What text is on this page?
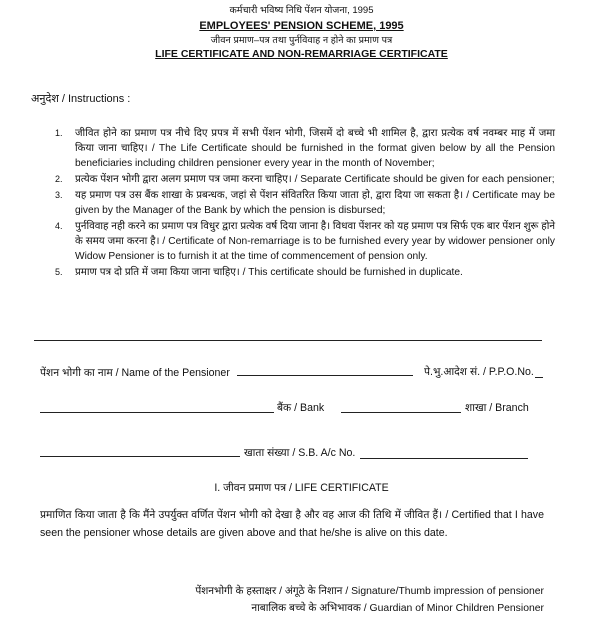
कर्मचारी भविष्य निधि पेंशन योजना, 1995
EMPLOYEES' PENSION SCHEME, 1995
जीवन प्रमाण–पत्र तथा पुर्नविवाह न होने का प्रमाण पत्र
LIFE CERTIFICATE AND NON-REMARRIAGE CERTIFICATE
अनुदेश / Instructions :
1. जीवित होने का प्रमाण पत्र नीचे दिए प्रपत्र में सभी पेंशन भोगी, जिसमें दो बच्चे भी शामिल है, द्वारा प्रत्येक वर्ष नवम्बर माह में जमा किया जाना चाहिए। / The Life Certificate should be furnished in the format given below by all the Pension beneficiaries including children pensioner every year in the month of November;
2. प्रत्येक पेंशन भोगी द्वारा अलग प्रमाण पत्र जमा करना चाहिए। / Separate Certificate should be given for each pensioner;
3. यह प्रमाण पत्र उस बैंक शाखा के प्रबन्धक, जहां से पेंशन संवितरित किया जाता हो, द्वारा दिया जा सकता है। / Certificate may be given by the Manager of the Bank by which the pension is disbursed;
4. पुर्नविवाह नही करने का प्रमाण पत्र विधुर द्वारा प्रत्येक वर्ष दिया जाना है। विधवा पेंशनर को यह प्रमाण पत्र सिर्फ एक बार पेंशन शुरू होने के समय जमा करना है। / Certificate of Non-remarriage is to be furnished every year by widower pensioner only Widow Pensioner is to furnish it at the time of commencement of pension only.
5. प्रमाण पत्र दो प्रति में जमा किया जाना चाहिए। / This certificate should be furnished in duplicate.
पेंशन भोगी का नाम / Name of the Pensioner	पे.भु.आदेश सं. / P.P.O.No.
बैंक / Bank	शाखा / Branch
खाता संख्या / S.B. A/c No.
I. जीवन प्रमाण पत्र / LIFE CERTIFICATE
प्रमाणित किया जाता है कि मैंने उपर्युक्त वर्णित पेंशन भोगी को देखा है और वह आज की तिथि में जीवित हैं। / Certified that I have seen the pensioner whose details are given above and that he/she is alive on this date.
पेंशनभोगी के हस्ताक्षर / अंगूठे के निशान / Signature/Thumb impression of pensioner
नाबालिक बच्चे के अभिभावक / Guardian of Minor Children Pensioner
